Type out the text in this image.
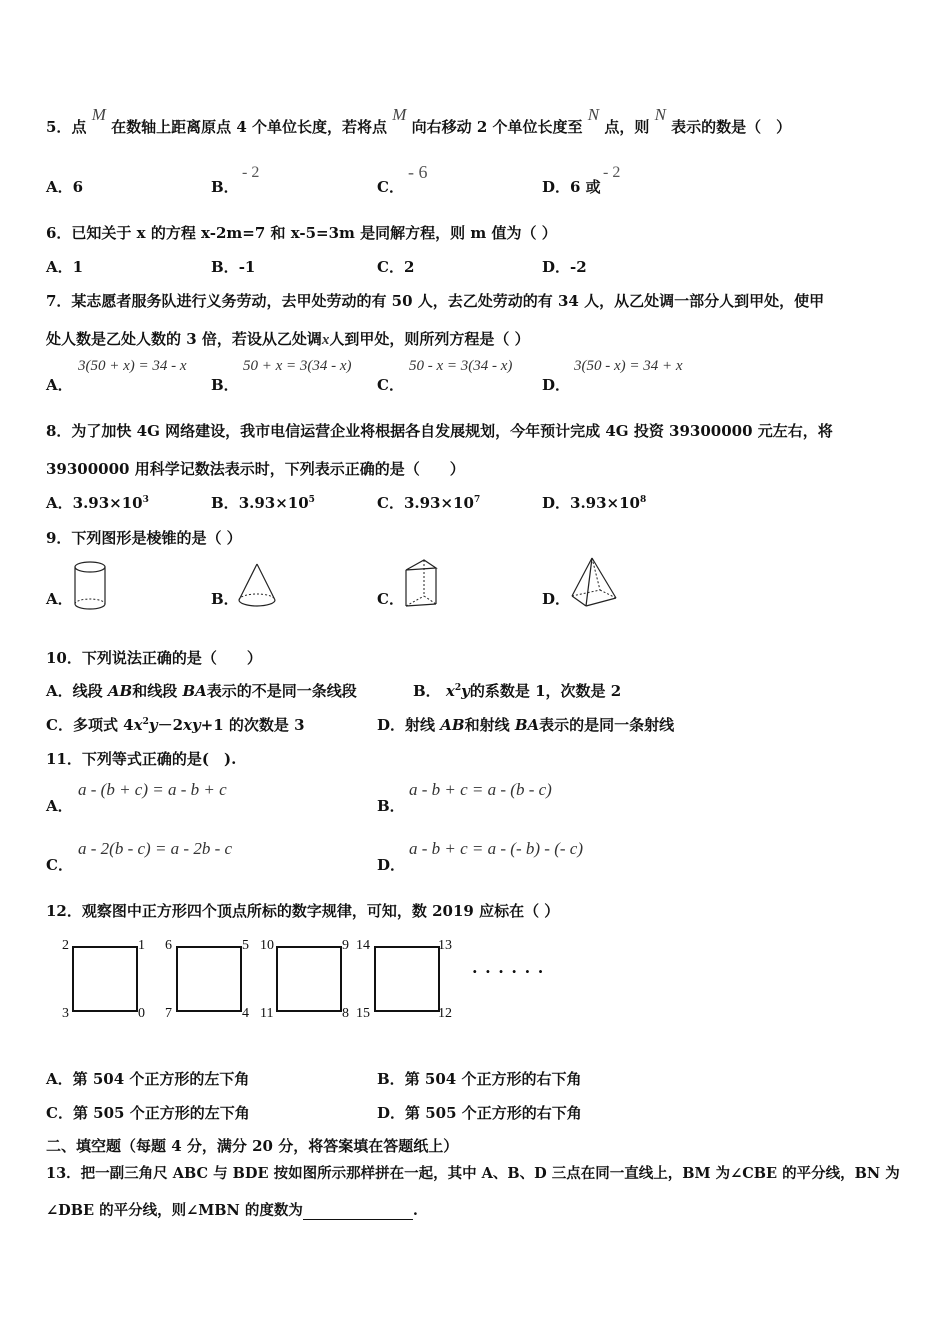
5．点 M 在数轴上距离原点 4 个单位长度，若将点 M 向右移动 2 个单位长度至 N 点，则 N 表示的数是（　）
A．6	B．
- 2
C．
- 6
D．6 或
- 2
6．已知关于 x 的方程 x-2m=7 和 x-5=3m 是同解方程，则 m 值为（ ）
A．1	B．-1	C．2	D．-2
7．某志愿者服务队进行义务劳动，去甲处劳动的有 50 人，去乙处劳动的有 34 人，从乙处调一部分人到甲处，使甲
处人数是乙处人数的 3 倍，若设从乙处调x人到甲处，则所列方程是（ ）
A．
3(50 + x) = 34 - x
B．
50 + x = 3(34 - x)
C．
50 - x = 3(34 - x)
D．
3(50 - x) = 34 + x
8．为了加快 4G 网络建设，我市电信运营企业将根据各自发展规划，今年预计完成 4G 投资 39300000 元左右，将
39300000 用科学记数法表示时，下列表示正确的是（　　）
A．$3.93\times 10^3$	B．$3.93\times 10^5$	C．$3.93\times 10^7$	D．$3.93\times 10^8$
9．下列图形是棱锥的是（ ）
A．	B．	C．	D．
10．下列说法正确的是（　　）
A．线段 AB和线段 BA表示的不是同一条线段	B． $x^2y$的系数是 1，次数是 2
C．多项式 $4x^2y-2xy+1$ 的次数是 3	D．射线 AB和射线 BA表示的是同一条射线
11．下列等式正确的是(　).
A．
a - (b + c) = a - b + c
B．
a - b + c = a - (b - c)
C．
a - 2(b - c) = a - 2b - c
D．
a - b + c = a - (- b) - (- c)
12．观察图中正方形四个顶点所标的数字规律，可知，数 2019 应标在（ ）
2	1
3	0
6	5
7	4
10	9
11	8
14	13
15	12
· · · · · ·
A．第 504 个正方形的左下角	B．第 504 个正方形的右下角
C．第 505 个正方形的左下角	D．第 505 个正方形的右下角
二、填空题（每题 4 分，满分 20 分，将答案填在答题纸上）
13．把一副三角尺 ABC 与 BDE 按如图所示那样拼在一起，其中 A、B、D 三点在同一直线上，BM 为∠CBE 的平分线，BN 为
∠DBE 的平分线，则∠MBN 的度数为	.
